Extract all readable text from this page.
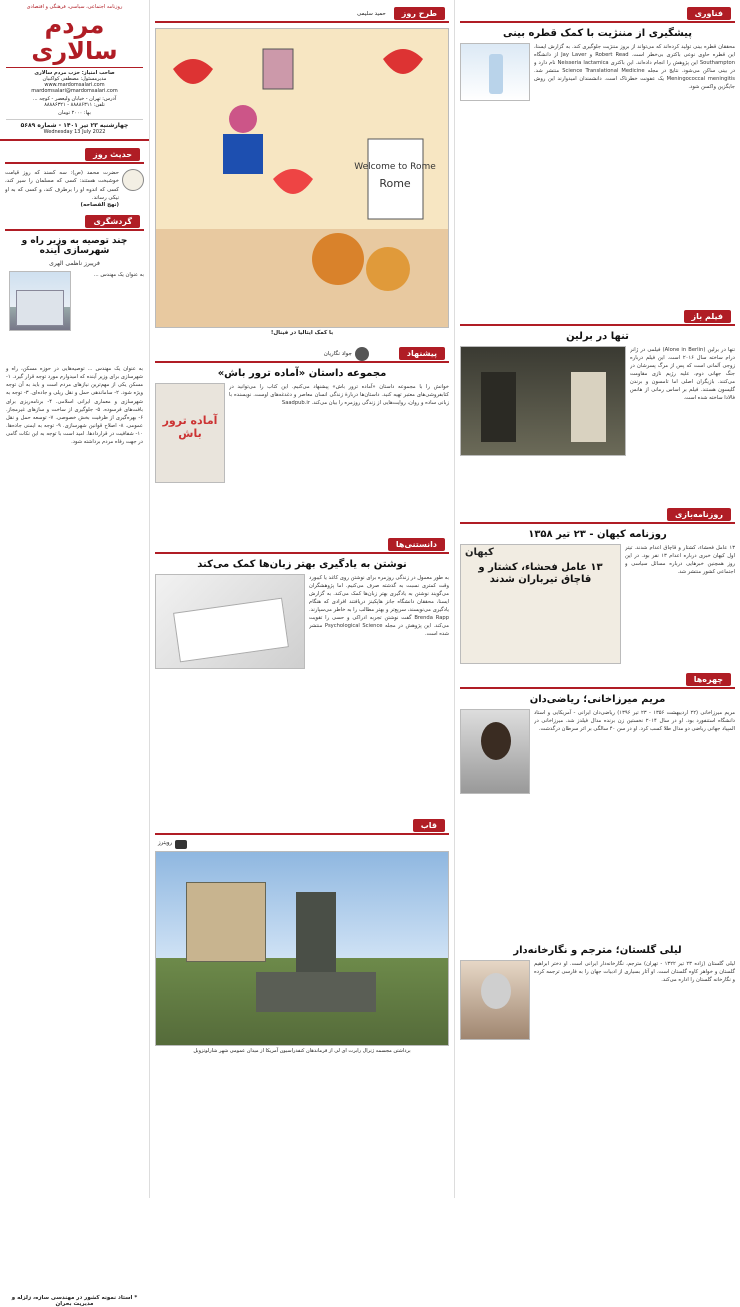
روزنامه اجتماعی، سیاسی، فرهنگی و اقتصادی
مردم سالاری
صاحب امتیاز: حزب مردم سالاری
مدیرمسئول: مصطفی کواکبیان
www.mardomsalari.com
mardomsalari@mardomsalari.com
آدرس: تهران - خیابان ولیعصر - کوچه ...
تلفن: ۸۸۸۸۶۳۱۱ - ۸۸۸۸۶۳۲۱
بها: ۲۰۰۰ تومان
چهارشنبه ۲۳ تیر ۱۴۰۱ - شماره ۵۶۸۹
Wednesday 13 July 2022
حدیث روز
حضرت محمد (ص): سه کسند که روز قیامت خوشبخت هستند: کسی که مسلمان را سیر کند، کسی که اندوه او را برطرف کند، و کسی که به او نیکی رساند.
(نهج الفصاحه)
گردشگری
چند توصیه به وزیر راه و شهرسازی آینده
فریبرز ناظمی الهری
به عنوان یک مهندس ...
به عنوان یک مهندس ... توصیه‌هایی در حوزه مسکن، راه و شهرسازی برای وزیر آینده که امیدوارم مورد توجه قرار گیرد. ۱- مسکن یکی از مهم‌ترین نیازهای مردم است و باید به آن توجه ویژه شود. ۲- ساماندهی حمل و نقل ریلی و جاده‌ای. ۳- توجه به شهرسازی و معماری ایرانی اسلامی. ۴- برنامه‌ریزی برای بافت‌های فرسوده. ۵- جلوگیری از ساخت و سازهای غیرمجاز. ۶- بهره‌گیری از ظرفیت بخش خصوصی. ۷- توسعه حمل و نقل عمومی. ۸- اصلاح قوانین شهرسازی. ۹- توجه به ایمنی جاده‌ها. ۱۰- شفافیت در قراردادها. امید است با توجه به این نکات گامی در جهت رفاه مردم برداشته شود.
* استاد نمونه کشور در مهندسی سازه، زلزله و مدیریت بحران
طرح روز
حمید سلیمی
Welcome to Rome
Rome
با کمک ایتالیا در فینال!
پیشنهاد
جواد نگاریان
مجموعه داستان «آماده ترور باش»
خوانش را با مجموعه داستان «آماده ترور باش» پیشنهاد می‌کنیم. این کتاب را می‌توانید در کتابفروشی‌های معتبر تهیه کنید. داستان‌ها دربارهٔ زندگی انسان معاصر و دغدغه‌های اوست. نویسنده با زبانی ساده و روان، روایت‌هایی از زندگی روزمره را بیان می‌کند. Saadpub.ir
آماده ترور باش
دانستنی‌ها
نوشتن به یادگیری بهتر زبان‌ها کمک می‌کند
به طور معمول در زندگی روزمره برای نوشتن روی کاغذ یا کیبورد وقت کمتری نسبت به گذشته صرف می‌کنیم. اما پژوهشگران می‌گویند نوشتن به یادگیری بهتر زبان‌ها کمک می‌کند. به گزارش ایسنا، محققان دانشگاه جانز هاپکینز دریافتند افرادی که هنگام یادگیری می‌نویسند، سریع‌تر و بهتر مطالب را به خاطر می‌سپارند. Brenda Rapp گفت نوشتن تجربه ادراکی و حسی را تقویت می‌کند. این پژوهش در مجله Psychological Science منتشر شده است.
قاب
رویترز
برداشتن مجسمه ژنرال رابرت ای لی از فرماندهان کنفدراسیون آمریکا از میدان عمومی شهر شارلوتزویل
فناوری
پیشگیری از مننژیت با کمک قطره بینی
محققان قطره بینی تولید کرده‌اند که می‌تواند از بروز مننژیت جلوگیری کند. به گزارش ایسنا، این قطره حاوی نوعی باکتری بی‌خطر است. Robert Read و Jay Laver از دانشگاه Southampton این پژوهش را انجام داده‌اند. این باکتری Neisseria lactamica نام دارد و در بینی ساکن می‌شود. نتایج در مجله Science Translational Medicine منتشر شد. Meningococcal meningitis یک عفونت خطرناک است. دانشمندان امیدوارند این روش جایگزین واکسن شود.
فیلم باز
تنها در برلین
تنها در برلین (Alone in Berlin) فیلمی در ژانر درام ساخته سال ۲۰۱۶ است. این فیلم درباره زوجی آلمانی است که پس از مرگ پسرشان در جنگ جهانی دوم، علیه رژیم نازی مقاومت می‌کنند. بازیگران اصلی اما تامسون و برندن گلیسون هستند. فیلم بر اساس رمانی از هانس فالادا ساخته شده است.
روزنامه‌بازی
روزنامه کیهان - ۲۳ تیر ۱۳۵۸
۱۳ عامل فحشاء، کشتار و قاچاق اعدام شدند. تیتر اول کیهان خبری درباره اعدام ۱۳ نفر بود. در این روز همچنین خبرهایی درباره مسائل سیاسی و اجتماعی کشور منتشر شد.
کیهان
۱۳ عامل فحشاء، کشتار و قاچاق تیرباران شدند
چهره‌ها
مریم میرزاخانی؛ ریاضی‌دان
مریم میرزاخانی (۲۲ اردیبهشت ۱۳۵۶ - ۲۳ تیر ۱۳۹۶) ریاضی‌دان ایرانی - آمریکایی و استاد دانشگاه استنفورد بود. او در سال ۲۰۱۴ نخستین زن برنده مدال فیلدز شد. میرزاخانی در المپیاد جهانی ریاضی دو مدال طلا کسب کرد. او در سن ۴۰ سالگی بر اثر سرطان درگذشت.
لیلی گلستان؛ مترجم و نگارخانه‌دار
لیلی گلستان (زاده ۲۳ تیر ۱۳۲۲ - تهران) مترجم، نگارخانه‌دار ایرانی است. او دختر ابراهیم گلستان و خواهر کاوه گلستان است. او آثار بسیاری از ادبیات جهان را به فارسی ترجمه کرده و نگارخانه گلستان را اداره می‌کند.
